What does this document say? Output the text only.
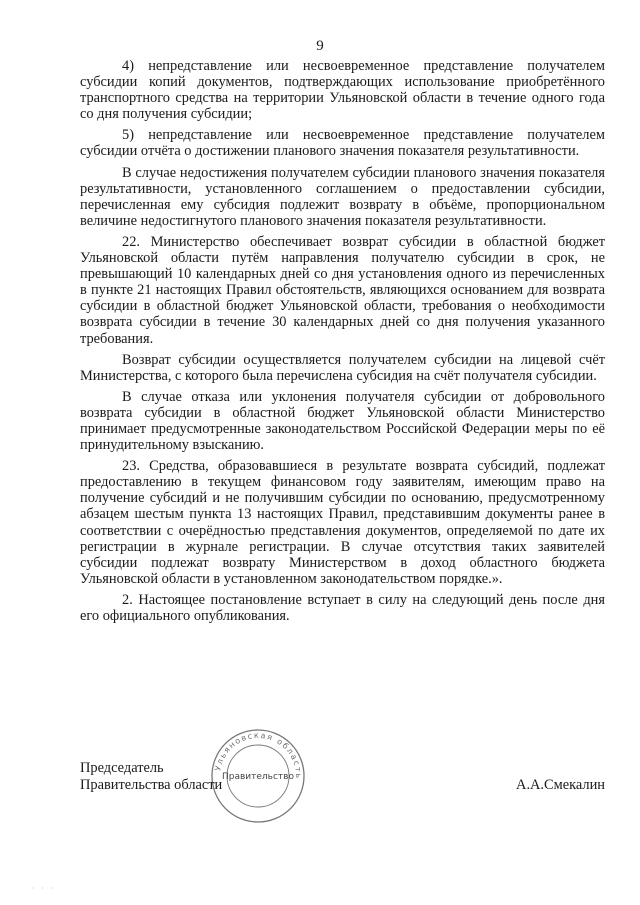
9

4) непредставление или несвоевременное представление получателем субсидии копий документов, подтверждающих использование приобретённого транспортного средства на территории Ульяновской области в течение одного года со дня получения субсидии;

5) непредставление или несвоевременное представление получателем субсидии отчёта о достижении планового значения показателя результативности.

В случае недостижения получателем субсидии планового значения показателя результативности, установленного соглашением о предоставлении субсидии, перечисленная ему субсидия подлежит возврату в объёме, пропорциональном величине недостигнутого планового значения показателя результативности.

22. Министерство обеспечивает возврат субсидии в областной бюджет Ульяновской области путём направления получателю субсидии в срок, не превышающий 10 календарных дней со дня установления одного из перечисленных в пункте 21 настоящих Правил обстоятельств, являющихся основанием для возврата субсидии в областной бюджет Ульяновской области, требования о необходимости возврата субсидии в течение 30 календарных дней со дня получения указанного требования.

Возврат субсидии осуществляется получателем субсидии на лицевой счёт Министерства, с которого была перечислена субсидия на счёт получателя субсидии.

В случае отказа или уклонения получателя субсидии от добровольного возврата субсидии в областной бюджет Ульяновской области Министерство принимает предусмотренные законодательством Российской Федерации меры по её принудительному взысканию.

23. Средства, образовавшиеся в результате возврата субсидий, подлежат предоставлению в текущем финансовом году заявителям, имеющим право на получение субсидий и не получившим субсидии по основанию, предусмотренному абзацем шестым пункта 13 настоящих Правил, представившим документы ранее в соответствии с очерёдностью представления документов, определяемой по дате их регистрации в журнале регистрации. В случае отсутствия таких заявителей субсидии подлежат возврату Министерством в доход областного бюджета Ульяновской области в установленном законодательством порядке.».

2. Настоящее постановление вступает в силу на следующий день после дня его официального опубликования.

Ульяновская область
Правительство
Председатель
Правительства области	А.А.Смекалин
· · ·
